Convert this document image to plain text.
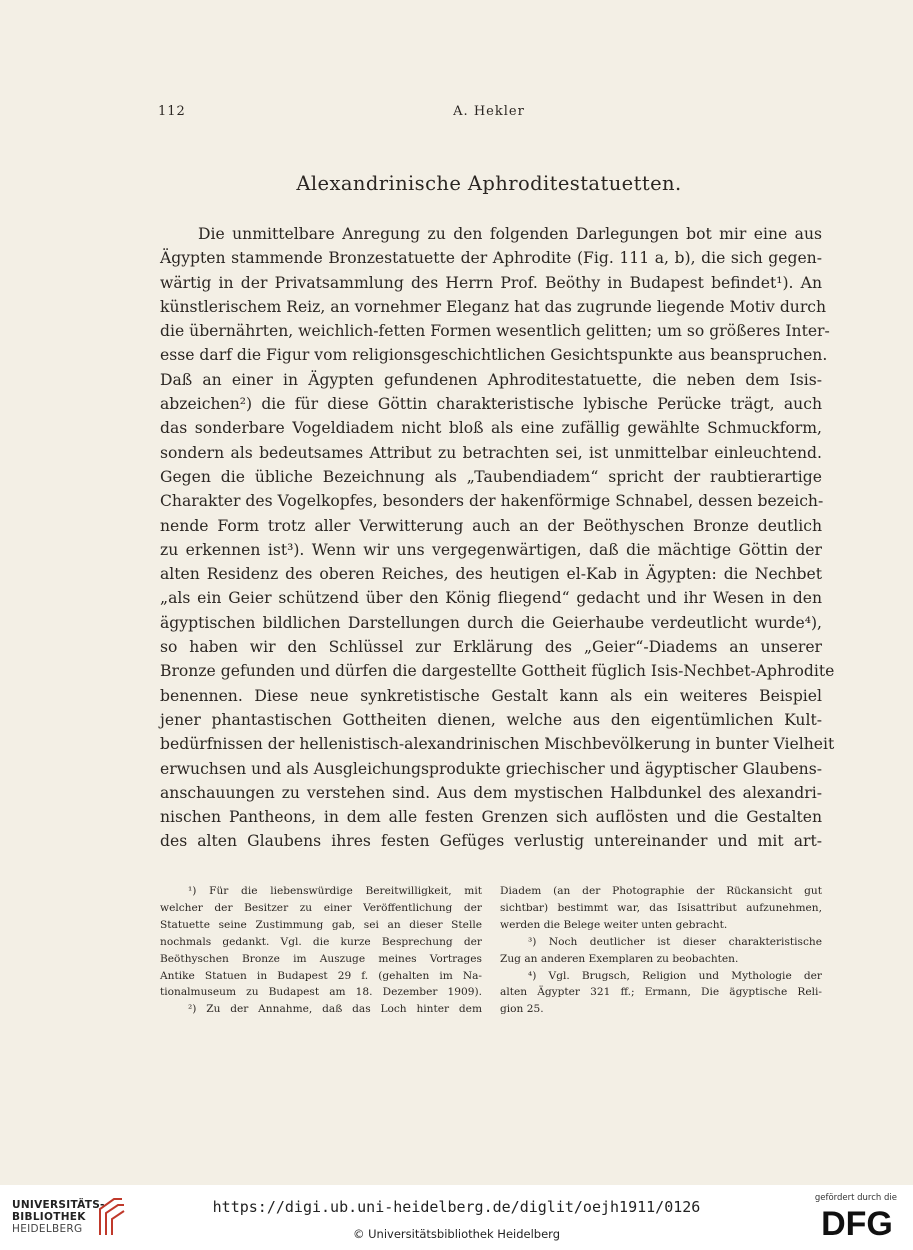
112	A. Hekler
Alexandrinische Aphroditestatuetten.
Die unmittelbare Anregung zu den folgenden Darlegungen bot mir eine aus
Ägypten stammende Bronzestatuette der Aphrodite (Fig. 111 a, b), die sich gegen-
wärtig in der Privatsammlung des Herrn Prof. Beöthy in Budapest befindet¹). An
künstlerischem Reiz, an vornehmer Eleganz hat das zugrunde liegende Motiv durch
die übernährten, weichlich-fetten Formen wesentlich gelitten; um so größeres Inter-
esse darf die Figur vom religionsgeschichtlichen Gesichtspunkte aus beanspruchen.
Daß an einer in Ägypten gefundenen Aphroditestatuette, die neben dem Isis-
abzeichen²) die für diese Göttin charakteristische lybische Perücke trägt, auch
das sonderbare Vogeldiadem nicht bloß als eine zufällig gewählte Schmuckform,
sondern als bedeutsames Attribut zu betrachten sei, ist unmittelbar einleuchtend.
Gegen die übliche Bezeichnung als „Taubendiadem“ spricht der raubtierartige
Charakter des Vogelkopfes, besonders der hakenförmige Schnabel, dessen bezeich-
nende Form trotz aller Verwitterung auch an der Beöthyschen Bronze deutlich
zu erkennen ist³). Wenn wir uns vergegenwärtigen, daß die mächtige Göttin der
alten Residenz des oberen Reiches, des heutigen el-Kab in Ägypten: die Nechbet
„als ein Geier schützend über den König fliegend“ gedacht und ihr Wesen in den
ägyptischen bildlichen Darstellungen durch die Geierhaube verdeutlicht wurde⁴),
so haben wir den Schlüssel zur Erklärung des „Geier“-Diadems an unserer
Bronze gefunden und dürfen die dargestellte Gottheit füglich Isis-Nechbet-Aphrodite
benennen. Diese neue synkretistische Gestalt kann als ein weiteres Beispiel
jener phantastischen Gottheiten dienen, welche aus den eigentümlichen Kult-
bedürfnissen der hellenistisch-alexandrinischen Mischbevölkerung in bunter Vielheit
erwuchsen und als Ausgleichungsprodukte griechischer und ägyptischer Glaubens-
anschauungen zu verstehen sind. Aus dem mystischen Halbdunkel des alexandri-
nischen Pantheons, in dem alle festen Grenzen sich auflösten und die Gestalten
des alten Glaubens ihres festen Gefüges verlustig untereinander und mit art-
¹) Für die liebenswürdige Bereitwilligkeit, mit
welcher der Besitzer zu einer Veröffentlichung der
Statuette seine Zustimmung gab, sei an dieser Stelle
nochmals gedankt. Vgl. die kurze Besprechung der
Beöthyschen Bronze im Auszuge meines Vortrages
Antike Statuen in Budapest 29 f. (gehalten im Na-
tionalmuseum zu Budapest am 18. Dezember 1909).
²) Zu der Annahme, daß das Loch hinter dem
Diadem (an der Photographie der Rückansicht gut
sichtbar) bestimmt war, das Isisattribut aufzunehmen,
werden die Belege weiter unten gebracht.
³) Noch deutlicher ist dieser charakteristische
Zug an anderen Exemplaren zu beobachten.
⁴) Vgl. Brugsch, Religion und Mythologie der
alten Ägypter 321 ff.; Ermann, Die ägyptische Reli-
gion 25.
UNIVERSITÄTS-
BIBLIOTHEK
HEIDELBERG
https://digi.ub.uni-heidelberg.de/diglit/oejh1911/0126
© Universitätsbibliothek Heidelberg
gefördert durch die
DFG
